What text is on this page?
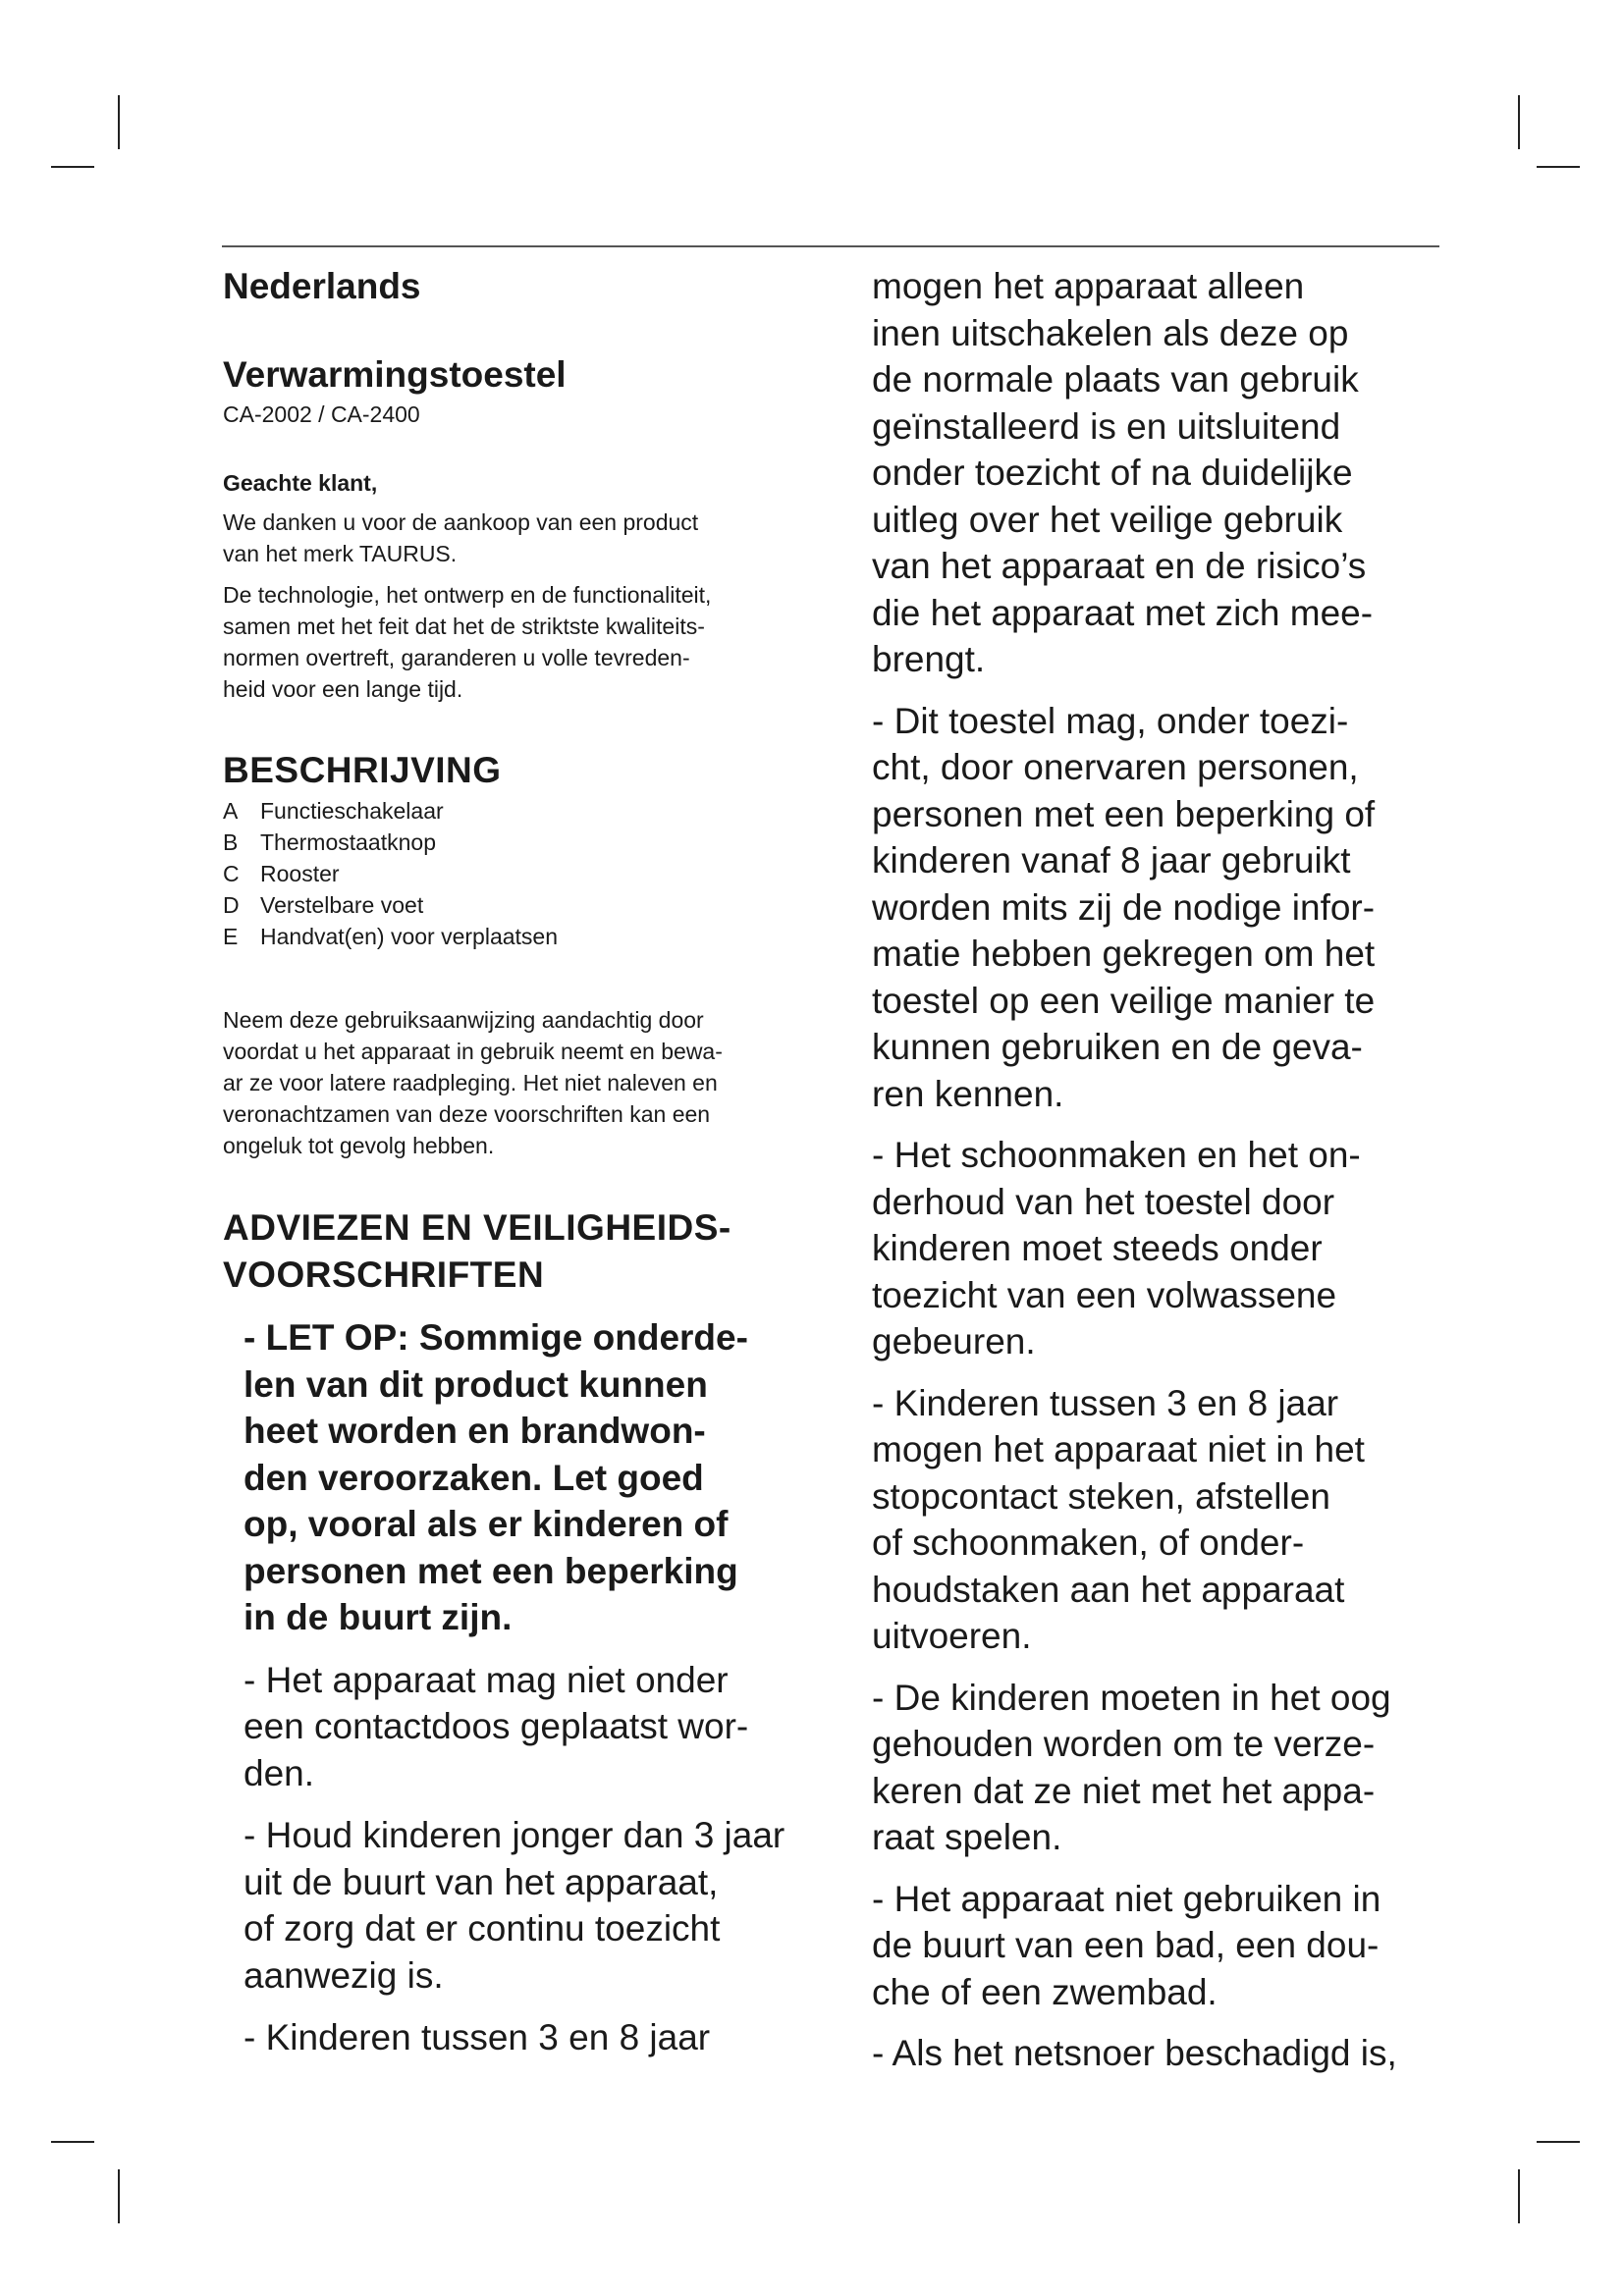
Nederlands
Verwarmingstoestel

CA-2002 / CA-2400

Geachte klant,

We danken u voor de aankoop van een product
van het merk TAURUS.

De technologie, het ontwerp en de functionaliteit,
samen met het feit dat het de striktste kwaliteits-
normen overtreft, garanderen u volle tevreden-
heid voor een lange tijd.

BESCHRIJVING
A Functieschakelaar
B Thermostaatknop
C Rooster
D Verstelbare voet
E Handvat(en) voor verplaatsen

Neem deze gebruiksaanwijzing aandachtig door
voordat u het apparaat in gebruik neemt en bewa-
ar ze voor latere raadpleging. Het niet naleven en
veronachtzamen van deze voorschriften kan een
ongeluk tot gevolg hebben.

ADVIEZEN EN VEILIGHEIDS-
VOORSCHRIFTEN

- LET OP: Sommige onderde-
len van dit product kunnen
heet worden en brandwon-
den veroorzaken. Let goed
op, vooral als er kinderen of
personen met een beperking
in de buurt zijn.

- Het apparaat mag niet onder
een contactdoos geplaatst wor-
den.

- Houd kinderen jonger dan 3 jaar
uit de buurt van het apparaat,
of zorg dat er continu toezicht
aanwezig is.

- Kinderen tussen 3 en 8 jaar

mogen het apparaat alleen
inen uitschakelen als deze op
de normale plaats van gebruik
geïnstalleerd is en uitsluitend
onder toezicht of na duidelijke
uitleg over het veilige gebruik
van het apparaat en de risico’s
die het apparaat met zich mee-
brengt.

- Dit toestel mag, onder toezi-
cht, door onervaren personen,
personen met een beperking of
kinderen vanaf 8 jaar gebruikt
worden mits zij de nodige infor-
matie hebben gekregen om het
toestel op een veilige manier te
kunnen gebruiken en de geva-
ren kennen.

- Het schoonmaken en het on-
derhoud van het toestel door
kinderen moet steeds onder
toezicht van een volwassene
gebeuren.

- Kinderen tussen 3 en 8 jaar
mogen het apparaat niet in het
stopcontact steken, afstellen
of schoonmaken, of onder-
houdstaken aan het apparaat
uitvoeren.

- De kinderen moeten in het oog
gehouden worden om te verze-
keren dat ze niet met het appa-
raat spelen.

- Het apparaat niet gebruiken in
de buurt van een bad, een dou-
che of een zwembad.

- Als het netsnoer beschadigd is,
